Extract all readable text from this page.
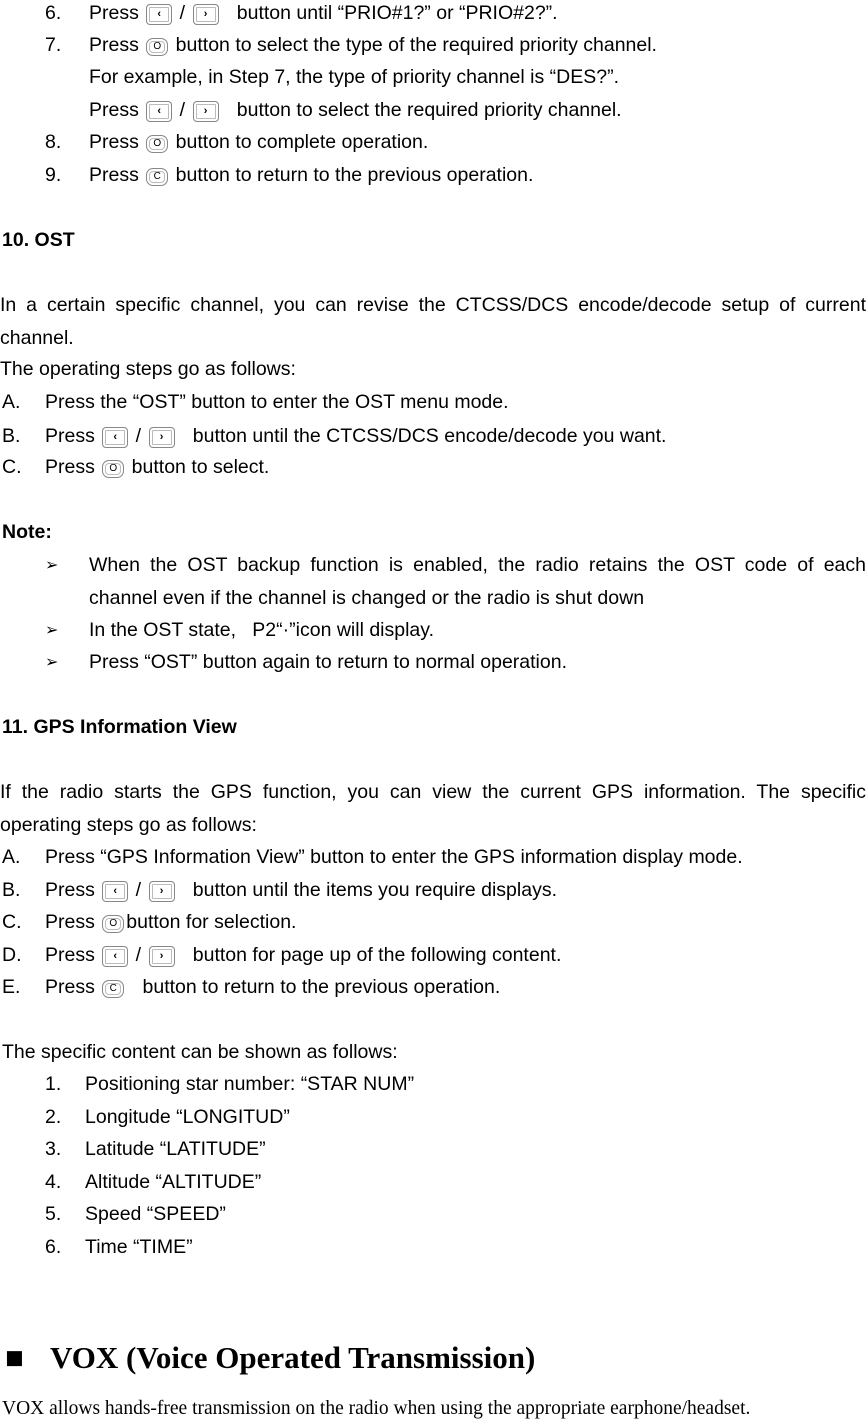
6. Press ‹ / ›   button until “PRIO#1?” or “PRIO#2?”.
7. Press O button to select the type of the required priority channel.
For example, in Step 7, the type of priority channel is “DES?”.
Press ‹ / ›   button to select the required priority channel.
8. Press O button to complete operation.
9. Press C button to return to the previous operation.
10. OST
In a certain specific channel, you can revise the CTCSS/DCS encode/decode setup of current channel.
The operating steps go as follows:
A. Press the “OST” button to enter the OST menu mode.
B. Press ‹ / ›   button until the CTCSS/DCS encode/decode you want.
C. Press O button to select.
Note:
➢ When the OST backup function is enabled, the radio retains the OST code of each channel even if the channel is changed or the radio is shut down
➢ In the OST state,   P2“·”icon will display.
➢ Press “OST” button again to return to normal operation.
11. GPS Information View
If the radio starts the GPS function, you can view the current GPS information. The specific operating steps go as follows:
A. Press “GPS Information View” button to enter the GPS information display mode.
B. Press ‹ / ›   button until the items you require displays.
C. Press O button for selection.
D. Press ‹ / ›   button for page up of the following content.
E. Press C   button to return to the previous operation.
The specific content can be shown as follows:
1. Positioning star number: “STAR NUM”
2. Longitude “LONGITUD”
3. Latitude “LATITUDE”
4. Altitude “ALTITUDE”
5. Speed “SPEED”
6. Time “TIME”
■ VOX (Voice Operated Transmission)
VOX allows hands-free transmission on the radio when using the appropriate earphone/headset.
